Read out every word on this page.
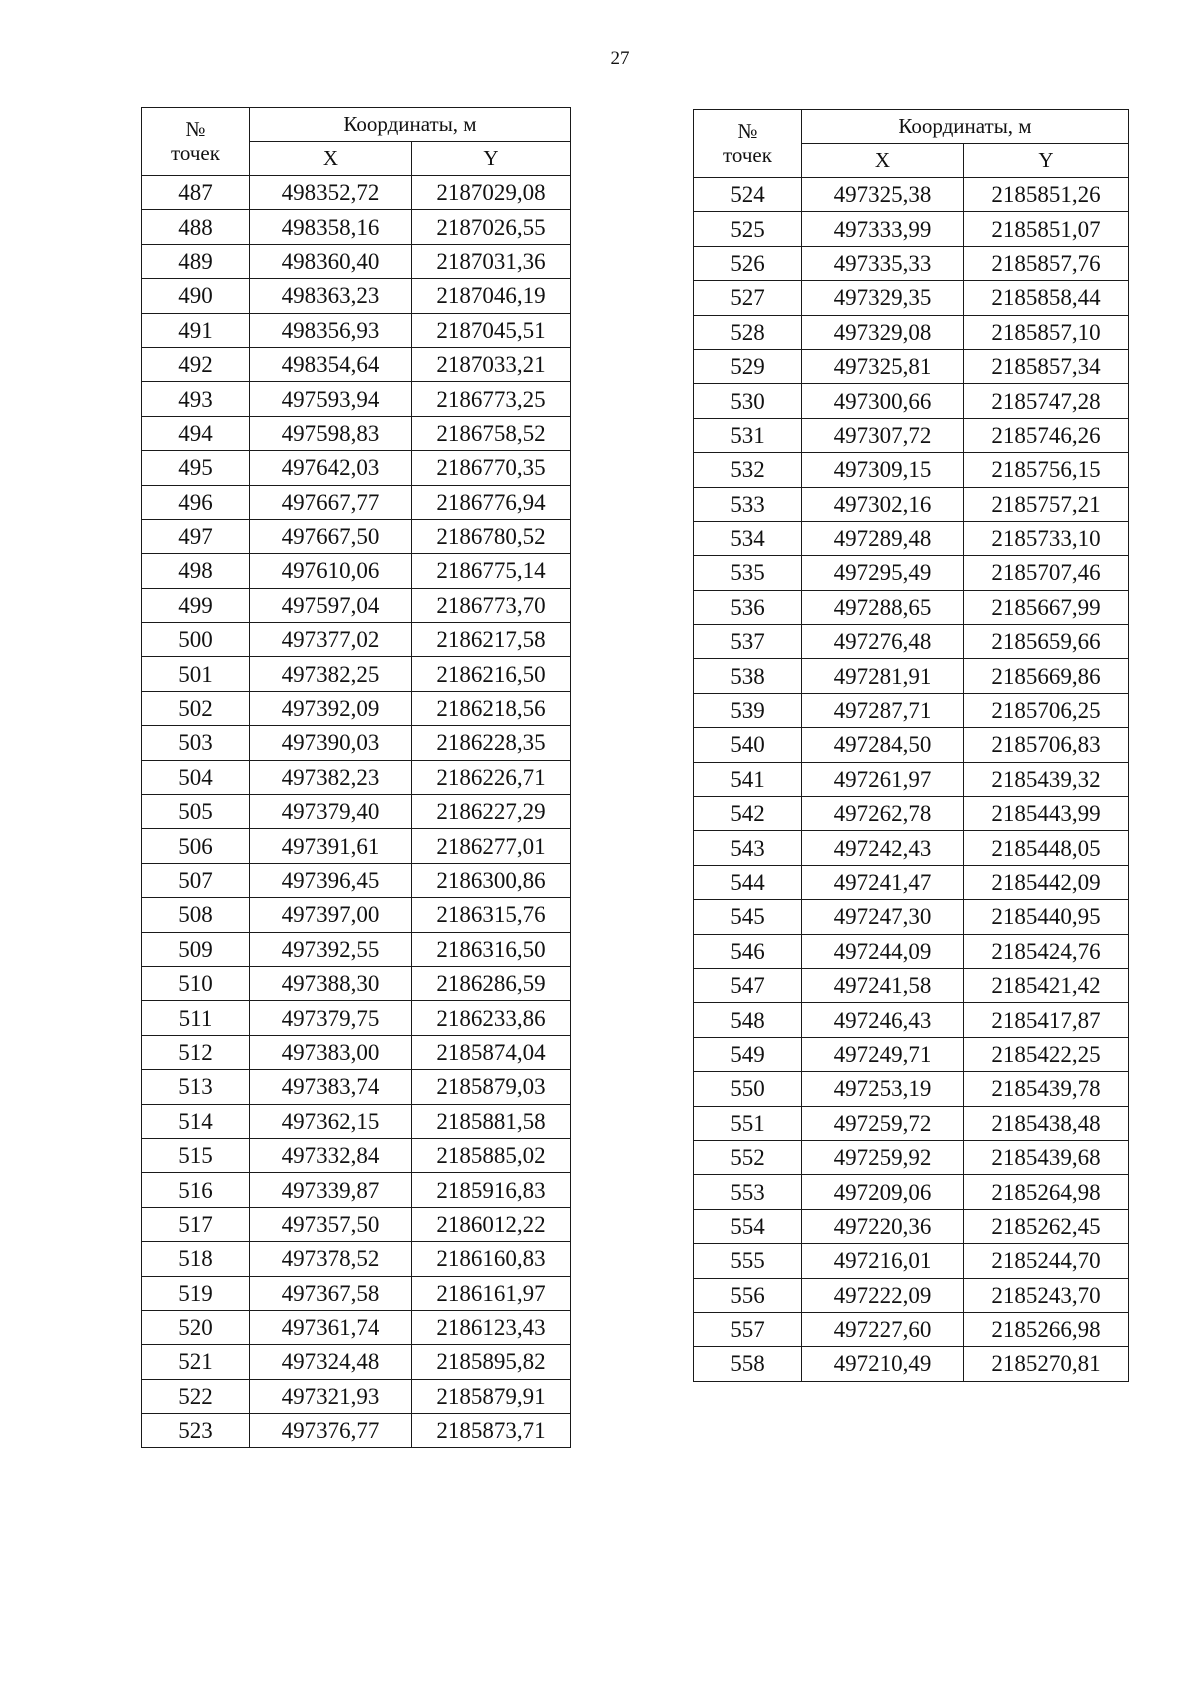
27
№
точек	Координаты, м	
	X	Y
487	498352,72	2187029,08
488	498358,16	2187026,55
489	498360,40	2187031,36
490	498363,23	2187046,19
491	498356,93	2187045,51
492	498354,64	2187033,21
493	497593,94	2186773,25
494	497598,83	2186758,52
495	497642,03	2186770,35
496	497667,77	2186776,94
497	497667,50	2186780,52
498	497610,06	2186775,14
499	497597,04	2186773,70
500	497377,02	2186217,58
501	497382,25	2186216,50
502	497392,09	2186218,56
503	497390,03	2186228,35
504	497382,23	2186226,71
505	497379,40	2186227,29
506	497391,61	2186277,01
507	497396,45	2186300,86
508	497397,00	2186315,76
509	497392,55	2186316,50
510	497388,30	2186286,59
511	497379,75	2186233,86
512	497383,00	2185874,04
513	497383,74	2185879,03
514	497362,15	2185881,58
515	497332,84	2185885,02
516	497339,87	2185916,83
517	497357,50	2186012,22
518	497378,52	2186160,83
519	497367,58	2186161,97
520	497361,74	2186123,43
521	497324,48	2185895,82
522	497321,93	2185879,91
523	497376,77	2185873,71
№
точек	Координаты, м	
	X	Y
524	497325,38	2185851,26
525	497333,99	2185851,07
526	497335,33	2185857,76
527	497329,35	2185858,44
528	497329,08	2185857,10
529	497325,81	2185857,34
530	497300,66	2185747,28
531	497307,72	2185746,26
532	497309,15	2185756,15
533	497302,16	2185757,21
534	497289,48	2185733,10
535	497295,49	2185707,46
536	497288,65	2185667,99
537	497276,48	2185659,66
538	497281,91	2185669,86
539	497287,71	2185706,25
540	497284,50	2185706,83
541	497261,97	2185439,32
542	497262,78	2185443,99
543	497242,43	2185448,05
544	497241,47	2185442,09
545	497247,30	2185440,95
546	497244,09	2185424,76
547	497241,58	2185421,42
548	497246,43	2185417,87
549	497249,71	2185422,25
550	497253,19	2185439,78
551	497259,72	2185438,48
552	497259,92	2185439,68
553	497209,06	2185264,98
554	497220,36	2185262,45
555	497216,01	2185244,70
556	497222,09	2185243,70
557	497227,60	2185266,98
558	497210,49	2185270,81
